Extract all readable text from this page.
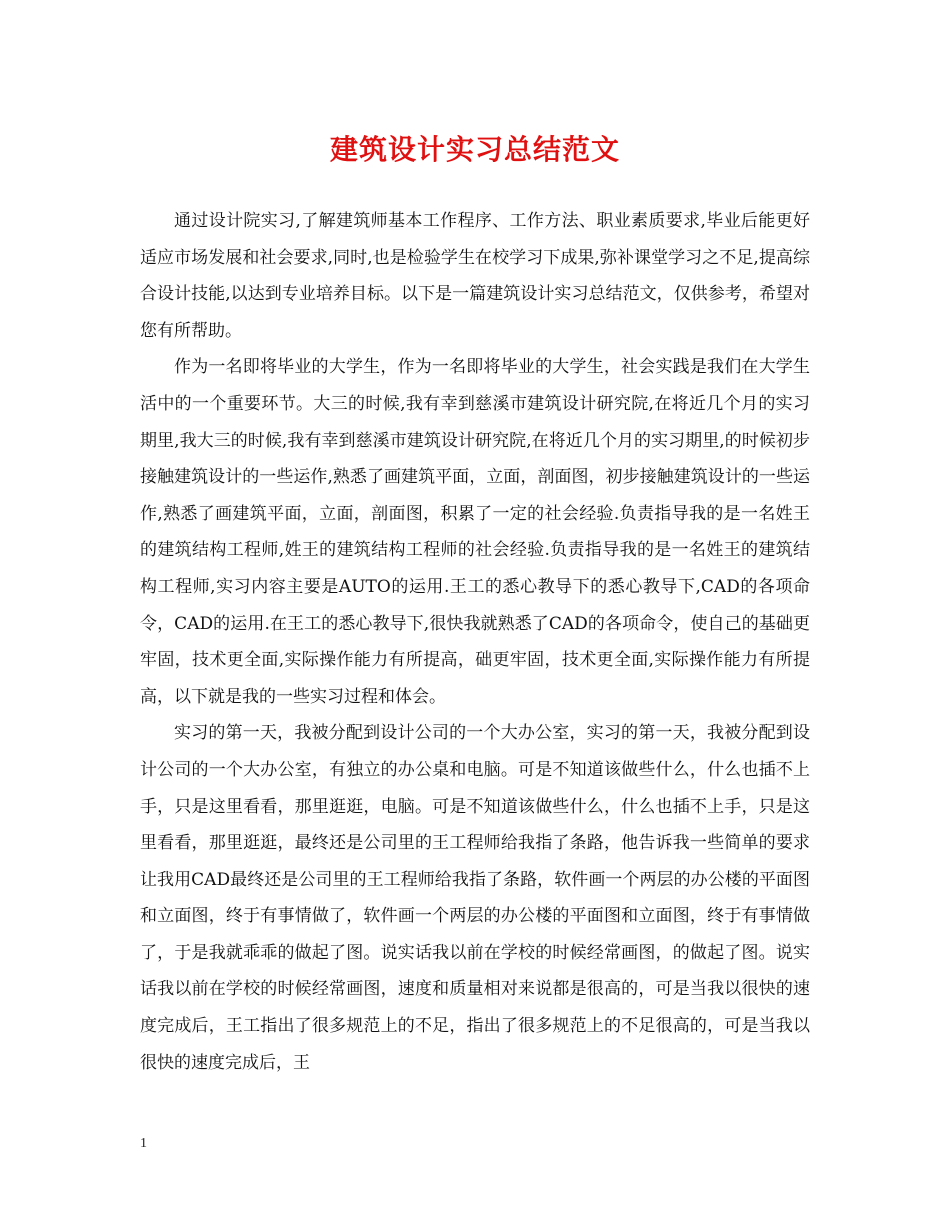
建筑设计实习总结范文

通过设计院实习,了解建筑师基本工作程序、工作方法、职业素质要求,毕业后能更好适应市场发展和社会要求,同时,也是检验学生在校学习下成果,弥补课堂学习之不足,提高综合设计技能,以达到专业培养目标。以下是一篇建筑设计实习总结范文，仅供参考，希望对您有所帮助。

作为一名即将毕业的大学生，作为一名即将毕业的大学生，社会实践是我们在大学生活中的一个重要环节。大三的时候,我有幸到慈溪市建筑设计研究院,在将近几个月的实习期里,我大三的时候,我有幸到慈溪市建筑设计研究院,在将近几个月的实习期里,的时候初步接触建筑设计的一些运作,熟悉了画建筑平面，立面，剖面图，初步接触建筑设计的一些运作,熟悉了画建筑平面，立面，剖面图，积累了一定的社会经验.负责指导我的是一名姓王的建筑结构工程师,姓王的建筑结构工程师的社会经验.负责指导我的是一名姓王的建筑结构工程师,实习内容主要是AUTO的运用.王工的悉心教导下的悉心教导下,CAD的各项命令，CAD的运用.在王工的悉心教导下,很快我就熟悉了CAD的各项命令，使自己的基础更牢固，技术更全面,实际操作能力有所提高，础更牢固，技术更全面,实际操作能力有所提高，以下就是我的一些实习过程和体会。

实习的第一天，我被分配到设计公司的一个大办公室，实习的第一天，我被分配到设计公司的一个大办公室，有独立的办公桌和电脑。可是不知道该做些什么，什么也插不上手，只是这里看看，那里逛逛，电脑。可是不知道该做些什么，什么也插不上手，只是这里看看，那里逛逛，最终还是公司里的王工程师给我指了条路，他告诉我一些简单的要求让我用CAD最终还是公司里的王工程师给我指了条路，软件画一个两层的办公楼的平面图和立面图，终于有事情做了，软件画一个两层的办公楼的平面图和立面图，终于有事情做了，于是我就乖乖的做起了图。说实话我以前在学校的时候经常画图，的做起了图。说实话我以前在学校的时候经常画图，速度和质量相对来说都是很高的，可是当我以很快的速度完成后，王工指出了很多规范上的不足，指出了很多规范上的不足很高的，可是当我以很快的速度完成后，王

1
